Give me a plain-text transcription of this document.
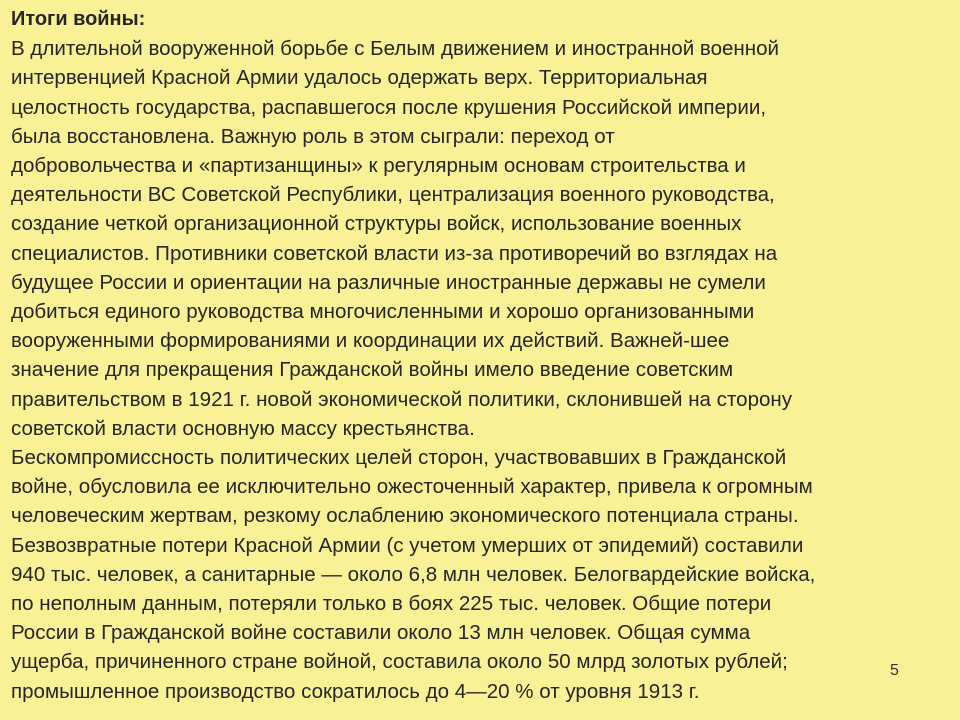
Итоги войны:
В длительной вооруженной борьбе с Белым движением и иностранной военной
интервенцией Красной Армии удалось одержать верх. Территориальная
целостность государства, распавшегося после крушения Российской империи,
была восстановлена. Важную роль в этом сыграли: переход от
добровольчества и «партизанщины» к регулярным основам строительства и
деятельности ВС Советской Республики, централизация военного руководства,
создание четкой организационной структуры войск, использование военных
специалистов. Противники советской власти из-за противоречий во взглядах на
будущее России и ориентации на различные иностранные державы не сумели
добиться единого руководства многочисленными и хорошо организованными
вооруженными формированиями и координации их действий. Важней-шее
значение для прекращения Гражданской войны имело введение советским
правительством в 1921 г. новой экономической политики, склонившей на сторону
советской власти основную массу крестьянства.
Бескомпромиссность политических целей сторон, участвовавших в Гражданской
войне, обусловила ее исключительно ожесточенный характер, привела к огромным
человеческим жертвам, резкому ослаблению экономического потенциала страны.
Безвозвратные потери Красной Армии (с учетом умерших от эпидемий) составили
940 тыс. человек, а санитарные — около 6,8 млн человек. Белогвардейские войска,
по неполным данным, потеряли только в боях 225 тыс. человек. Общие потери
России в Гражданской войне составили около 13 млн человек. Общая сумма
ущерба, причиненного стране войной, составила около 50 млрд золотых рублей;
промышленное производство сократилось до 4—20 % от уровня 1913 г.
5
